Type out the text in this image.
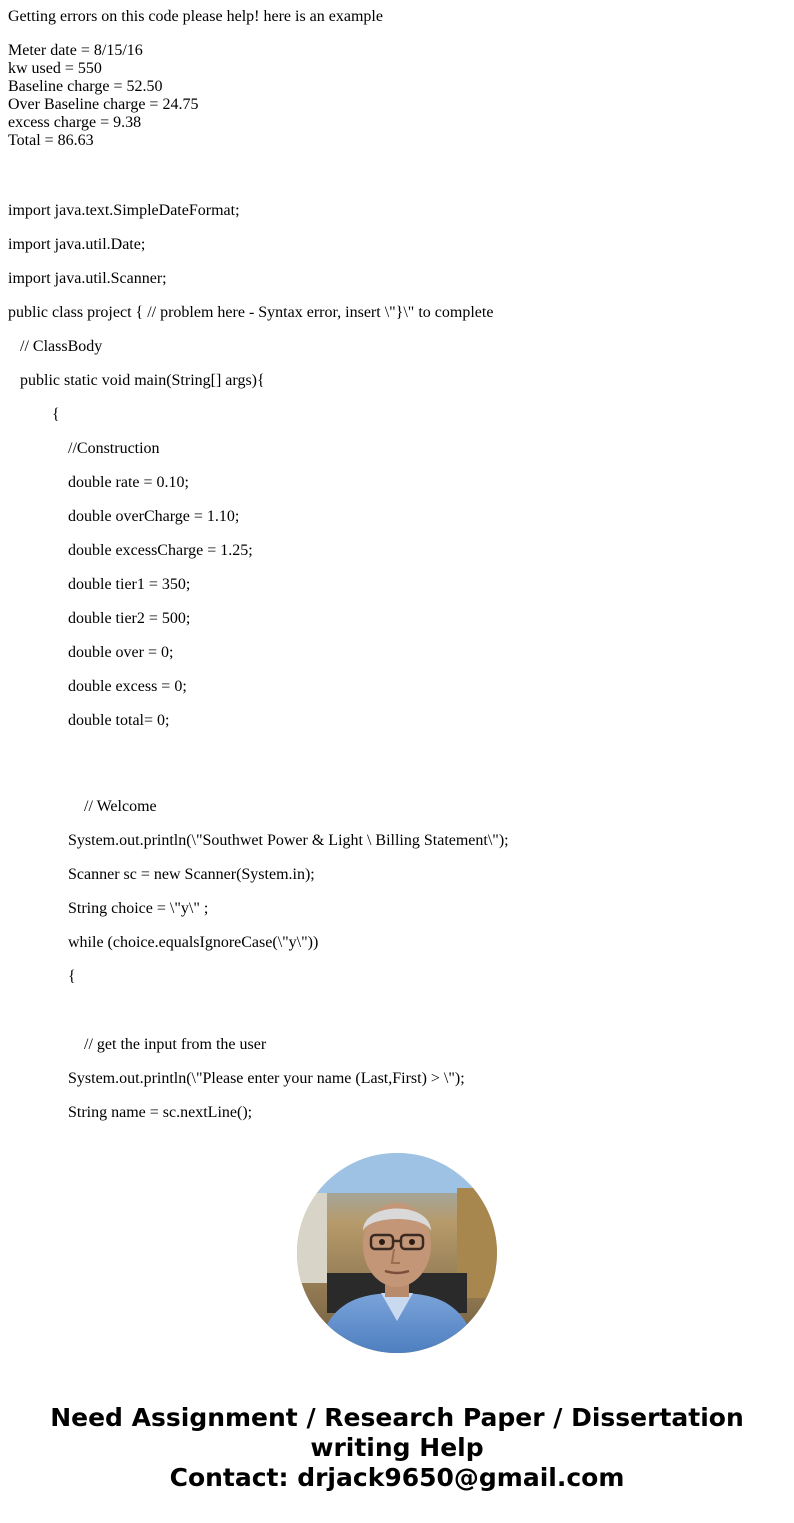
Getting errors on this code please help! here is an example

Meter date = 8/15/16
kw used = 550
Baseline charge = 52.50
Over Baseline charge = 24.75
excess charge = 9.38
Total = 86.63

import java.text.SimpleDateFormat;

import java.util.Date;

import java.util.Scanner;

public class project { // problem here - Syntax error, insert \"}\" to complete

// ClassBody

public static void main(String[] args){

{

//Construction

double rate = 0.10;

double overCharge = 1.10;

double excessCharge = 1.25;

double tier1 = 350;

double tier2 = 500;

double over = 0;

double excess = 0;

double total= 0;

// Welcome

System.out.println(\"Southwet Power & Light \ Billing Statement\");

Scanner sc = new Scanner(System.in);

String choice = \"y\" ;

while (choice.equalsIgnoreCase(\"y\"))

{

// get the input from the user

System.out.println(\"Please enter your name (Last,First) > \");

String name = sc.nextLine();

Need Assignment / Research Paper / Dissertation
writing Help
Contact: drjack9650@gmail.com
